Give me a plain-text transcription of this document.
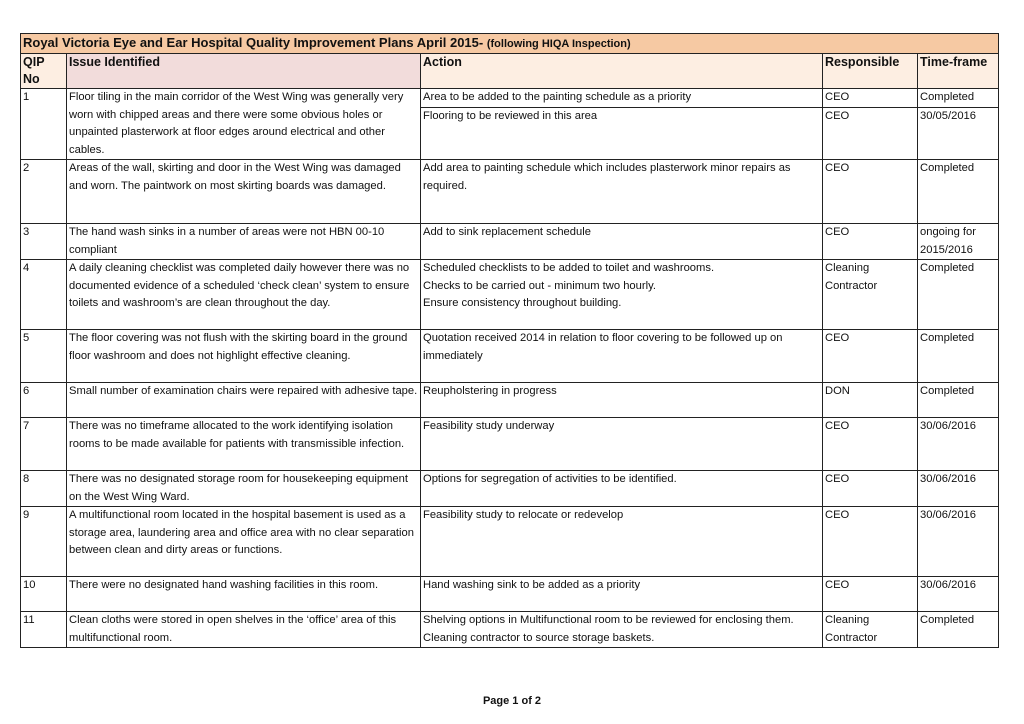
Royal Victoria Eye and Ear Hospital Quality Improvement Plans April 2015- (following HIQA Inspection)				
QIP No	Issue Identified	Action	Responsible	Time-frame
1	Floor tiling in the main corridor of the West Wing was generally very worn with chipped areas and there were some obvious holes or unpainted plasterwork at floor edges around electrical and other cables.	Area to be added to the painting schedule as a priority	CEO	Completed
		Flooring to be reviewed in this area	CEO	30/05/2016
2	Areas of the wall, skirting and door in the West Wing was damaged and worn. The paintwork on most skirting boards was damaged.	Add area to painting schedule which includes plasterwork minor repairs as required.	CEO	Completed
3	The hand wash sinks in a number of areas were not HBN 00-10 compliant	Add to sink replacement schedule	CEO	ongoing for 2015/2016
4	A daily cleaning checklist was completed daily however there was no documented evidence of a scheduled ‘check clean’ system to ensure toilets and washroom’s are clean throughout the day.	Scheduled checklists to be added to toilet and washrooms.
Checks to be carried out - minimum two hourly.
Ensure consistency throughout building.	Cleaning Contractor	Completed
5	The floor covering was not flush with the skirting board in the ground floor washroom and does not highlight effective cleaning.	Quotation received 2014 in relation to floor covering to be followed up on immediately	CEO	Completed
6	Small number of examination chairs were repaired with adhesive tape.	Reupholstering in progress	DON	Completed
7	There was no timeframe allocated to the work identifying isolation rooms to be made available for patients with transmissible infection.	Feasibility study underway	CEO	30/06/2016
8	There was no designated storage room for housekeeping equipment on the West Wing Ward.	Options for segregation of activities to be identified.	CEO	30/06/2016
9	A multifunctional room located in the hospital basement is used as a storage area, laundering area and office area with no clear separation between clean and dirty areas or functions.	Feasibility study to relocate or redevelop	CEO	30/06/2016
10	There were no designated hand washing facilities in this room.	Hand washing sink to be added as a priority	CEO	30/06/2016
11	Clean cloths were stored in open shelves in the ‘office’ area of this multifunctional room.	Shelving options in Multifunctional room to be reviewed for enclosing them. Cleaning contractor to source storage baskets.	Cleaning Contractor	Completed
Page 1 of 2
